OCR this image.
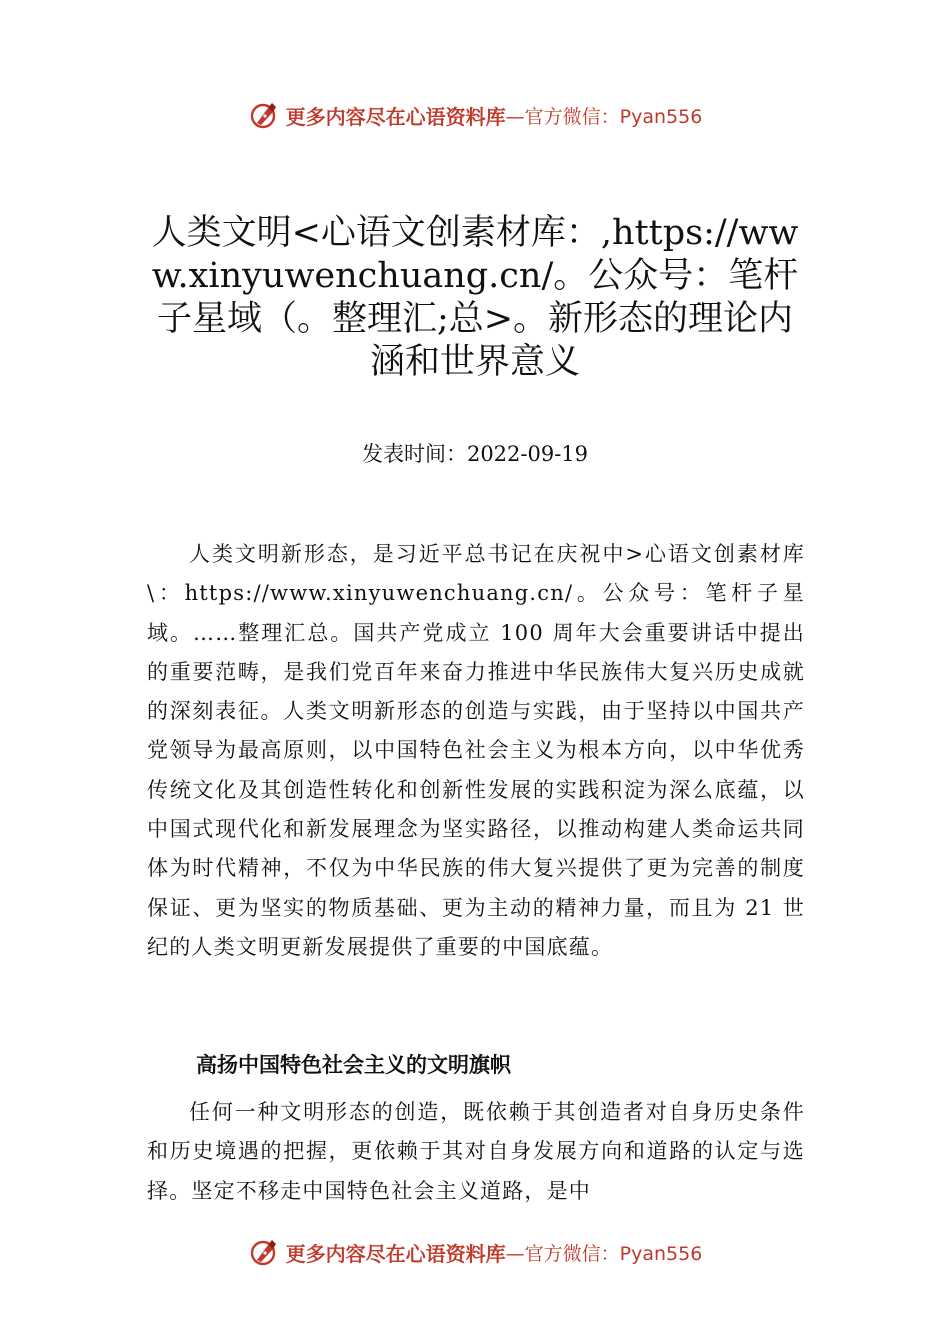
更多内容尽在心语资料库 —官方微信：Pyan556
人类文明<心语文创素材库：,https://www.xinyuwenchuang.cn/。公众号：笔杆子星域（。整理汇;总>。新形态的理论内涵和世界意义
发表时间：2022-09-19

人类文明新形态，是习近平总书记在庆祝中>心语文创素材库\：https://www.xinyuwenchuang.cn/。公众号：笔杆子星域。……整理汇总。国共产党成立 100 周年大会重要讲话中提出的重要范畴，是我们党百年来奋力推进中华民族伟大复兴历史成就的深刻表征。人类文明新形态的创造与实践，由于坚持以中国共产党领导为最高原则，以中国特色社会主义为根本方向，以中华优秀传统文化及其创造性转化和创新性发展的实践积淀为深么底蕴，以中国式现代化和新发展理念为坚实路径，以推动构建人类命运共同体为时代精神，不仅为中华民族的伟大复兴提供了更为完善的制度保证、更为坚实的物质基础、更为主动的精神力量，而且为 21 世纪的人类文明更新发展提供了重要的中国底蕴。

高扬中国特色社会主义的文明旗帜

任何一种文明形态的创造，既依赖于其创造者对自身历史条件和历史境遇的把握，更依赖于其对自身发展方向和道路的认定与选择。坚定不移走中国特色社会主义道路，是中

更多内容尽在心语资料库 —官方微信：Pyan556
